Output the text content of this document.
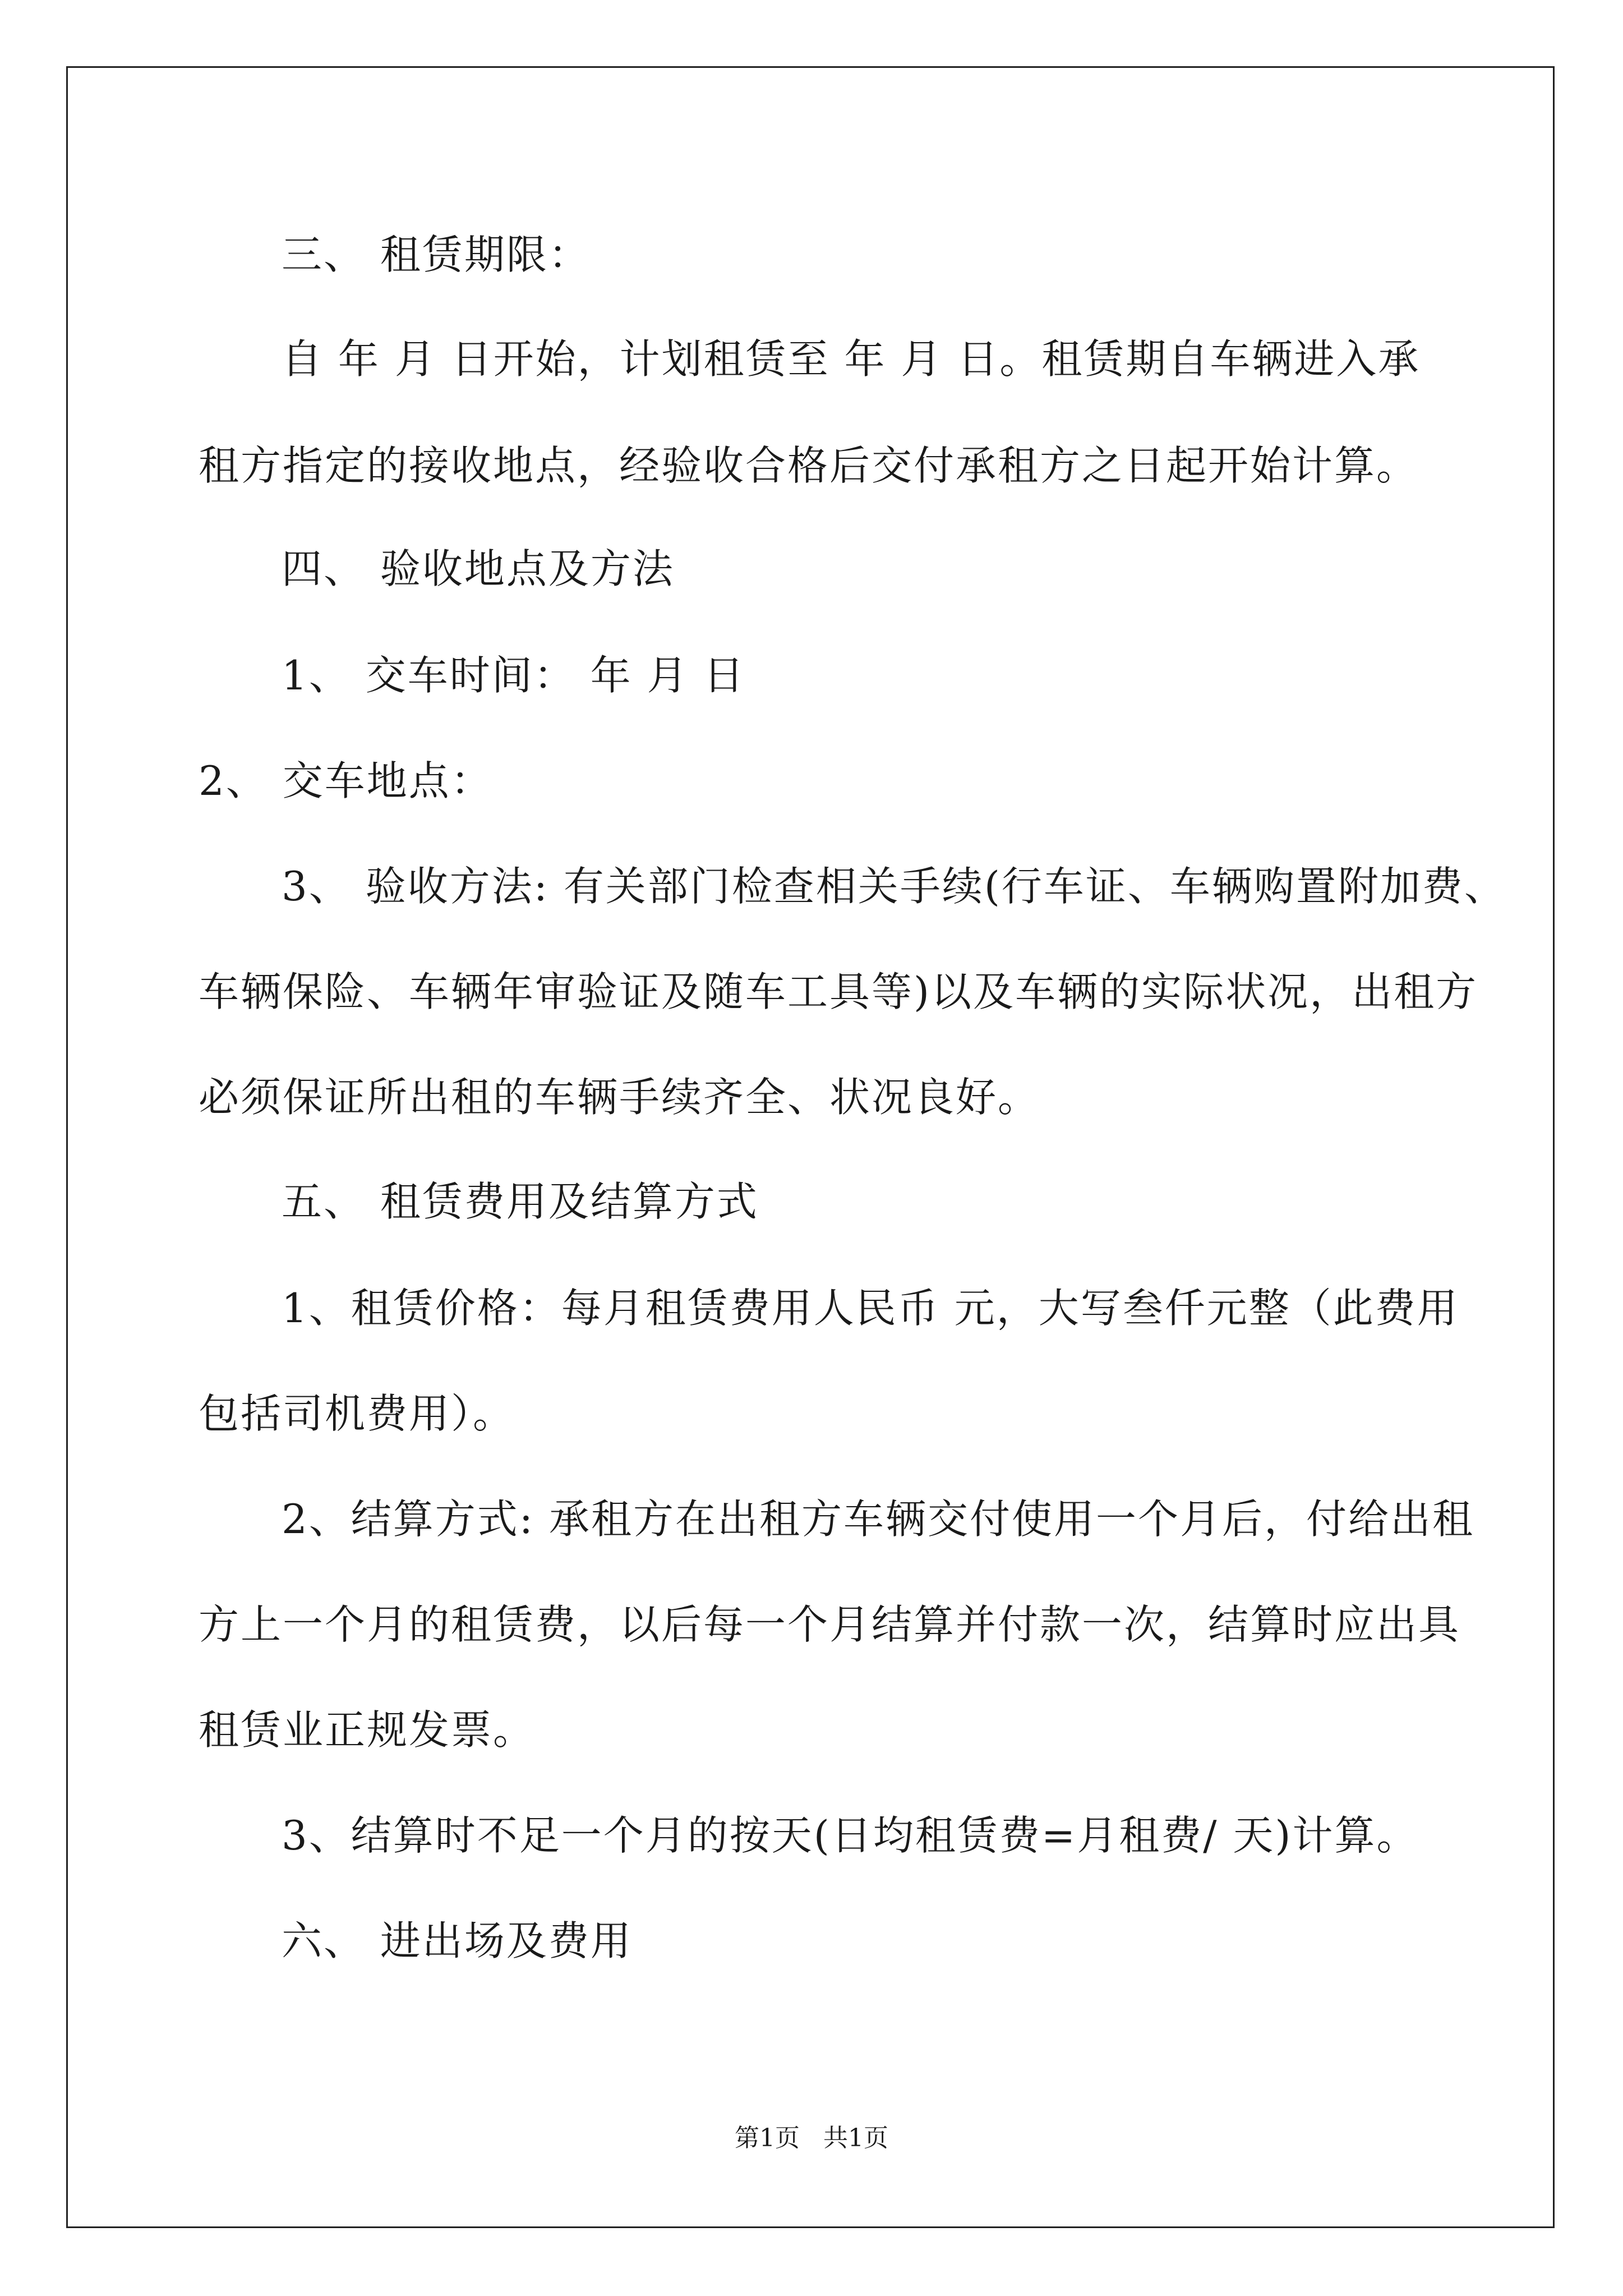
三、 租赁期限：
自 年 月 日开始，计划租赁至 年 月 日。租赁期自车辆进入承
租方指定的接收地点，经验收合格后交付承租方之日起开始计算。
四、 验收地点及方法
1、 交车时间： 年 月 日
2、 交车地点：
3、 验收方法: 有关部门检查相关手续(行车证、车辆购置附加费、
车辆保险、车辆年审验证及随车工具等)以及车辆的实际状况，出租方
必须保证所出租的车辆手续齐全、状况良好。
五、 租赁费用及结算方式
1、租赁价格：每月租赁费用人民币 元，大写叁仟元整（此费用
包括司机费用）。
2、结算方式: 承租方在出租方车辆交付使用一个月后，付给出租
方上一个月的租赁费，以后每一个月结算并付款一次，结算时应出具
租赁业正规发票。
3、结算时不足一个月的按天(日均租赁费=月租费/ 天)计算。
六、 进出场及费用
第1页   共1页
